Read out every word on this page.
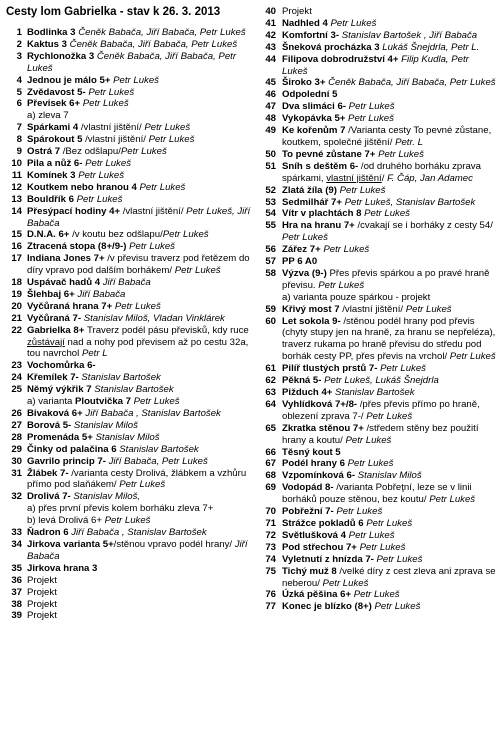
Cesty lom Gabrielka - stav k 26. 3. 2013
1 Bodlinka 3 Čeněk Babača, Jiří Babača, Petr Lukeš
2 Kaktus 3 Čeněk Babača, Jiří Babača, Petr Lukeš
3 Rychlonožka 3 Čeněk Babača, Jiří Babača, Petr Lukeš
4 Jednou je málo 5+ Petr Lukeš
5 Zvědavost 5- Petr Lukeš
6 Převisek 6+ Petr Lukeš
a) zleva 7
7 Spárkami 4 /vlastní jištění/ Petr Lukeš
8 Spárokout 5 /vlastní jištění/ Petr Lukeš
9 Ostrá 7 /Bez odšlapu/Petr Lukeš
10 Pila a nůž 6- Petr Lukeš
11 Komínek 3 Petr Lukeš
12 Koutkem nebo hranou 4 Petr Lukeš
13 Bouldřík 6 Petr Lukeš
14 Přesýpací hodiny 4+ /vlastní jištění/ Petr Lukeš, Jiří Babača
15 D.N.A. 6+ /v koutu bez odšlapu/Petr Lukeš
16 Ztracená stopa (8+/9-) Petr Lukeš
17 Indiana Jones 7+ /v převisu traverz pod řetězem do díry vpravo pod dalším borhákem/ Petr Lukeš
18 Uspávač hadů 4 Jiří Babača
19 Šlehbaj 6+ Jiří Babača
20 Vyčůraná hrana 7+ Petr Lukeš
21 Vyčůraná 7- Stanislav Miloš, Vladan Vinklárek
22 Gabrielka 8+ Traverz podél pásu převisků, kdy ruce zůstávají nad a nohy pod převisem až po cestu 32a, tou navrchol Petr L
23 Vochomůrka 6-
24 Křemílek 7- Stanislav Bartošek
25 Němý výkřik 7 Stanislav Bartošek
a) varianta Ploutvička 7 Petr Lukeš
26 Bivaková 6+ Jiří Babača , Stanislav Bartošek
27 Borová 5- Stanislav Miloš
28 Promenáda 5+ Stanislav Miloš
29 Činky od palačina 6 Stanislav Bartošek
30 Gavrilo princip 7- Jiří Babača, Petr Lukeš
31 Žlábek 7- /varianta cesty Drolivá, žlábkem a vzhůru přímo pod slaňákem/ Petr Lukeš
32 Drolivá 7- Stanislav Miloš,
a) přes první převis kolem borháku zleva 7+
b) levá Drolivá 6+ Petr Lukeš
33 Ňadron 6 Jiří Babača , Stanislav Bartošek
34 Jirkova varianta 5+/stěnou vpravo podél hrany/ Jiří Babača
35 Jirkova hrana 3
36 Projekt
37 Projekt
38 Projekt
39 Projekt
40 Projekt
41 Nadhled 4 Petr Lukeš
42 Komfortní 3- Stanislav Bartošek , Jiří Babača
43 Šneková procházka 3 Lukáš Šnejdrla, Petr L.
44 Filipova dobrodružství 4+ Filip Kudla, Petr Lukeš
45 Široko 3+ Čeněk Babača, Jiří Babača, Petr Lukeš
46 Odpolední 5
47 Dva slimáci 6- Petr Lukeš
48 Vykopávka 5+ Petr Lukeš
49 Ke kořenům 7 /Varianta cesty To pevné zůstane, koutkem, společné jištění/ Petr. L
50 To pevné zůstane 7+ Petr Lukeš
51 Sníh s deštěm 6- /od druhého borháku zprava spárkami, vlastní jištění/ F. Čáp, Jan Adamec
52 Zlatá žíla (9) Petr Lukeš
53 Sedmilhář 7+ Petr Lukeš, Stanislav Bartošek
54 Vítr v plachtách 8 Petr Lukeš
55 Hra na hranu 7+ /cvakají se i borháky z cesty 54/ Petr Lukeš
56 Zářez 7+ Petr Lukeš
57 PP 6 A0
58 Výzva (9-) Přes převis spárkou a po pravé hraně převisu. Petr Lukeš
a) varianta pouze spárkou - projekt
59 Křivý most 7 /vlastní jištění/ Petr Lukeš
60 Let sokola 9- /stěnou podél hrany pod převis (chyty stupy jen na hraně, za hranu se nepřeléza), traverz rukama po hraně převisu do středu pod borhák cesty PP, přes převis na vrchol/ Petr Lukeš
61 Pilíř tlustých prstů 7- Petr Lukeš
62 Pěkná 5- Petr Lukeš, Lukáš Šnejdrla
63 Pižduch 4+ Stanislav Bartošek
64 Vyhlídková 7+/8- /přes převis přímo po hraně, oblezení zprava 7-/ Petr Lukeš
65 Zkratka stěnou 7+ /středem stěny bez použití hrany a koutu/ Petr Lukeš
66 Těsný kout 5
67 Podél hrany 6 Petr Lukeš
68 Vzpomínková 6- Stanislav Miloš
69 Vodopád 8- /varianta Pobřeţní, leze se v linii borháků pouze stěnou, bez koutu/ Petr Lukeš
70 Pobřežní 7- Petr Lukeš
71 Strážce pokladů 6 Petr Lukeš
72 Světlušková 4 Petr Lukeš
73 Pod střechou 7+ Petr Lukeš
74 Vyletnutí z hnízda 7- Petr Lukeš
75 Tichý muž 8 /velké díry z cest zleva ani zprava se neberou/ Petr Lukeš
76 Úzká pěšina 6+ Petr Lukeš
77 Konec je blízko (8+) Petr Lukeš
